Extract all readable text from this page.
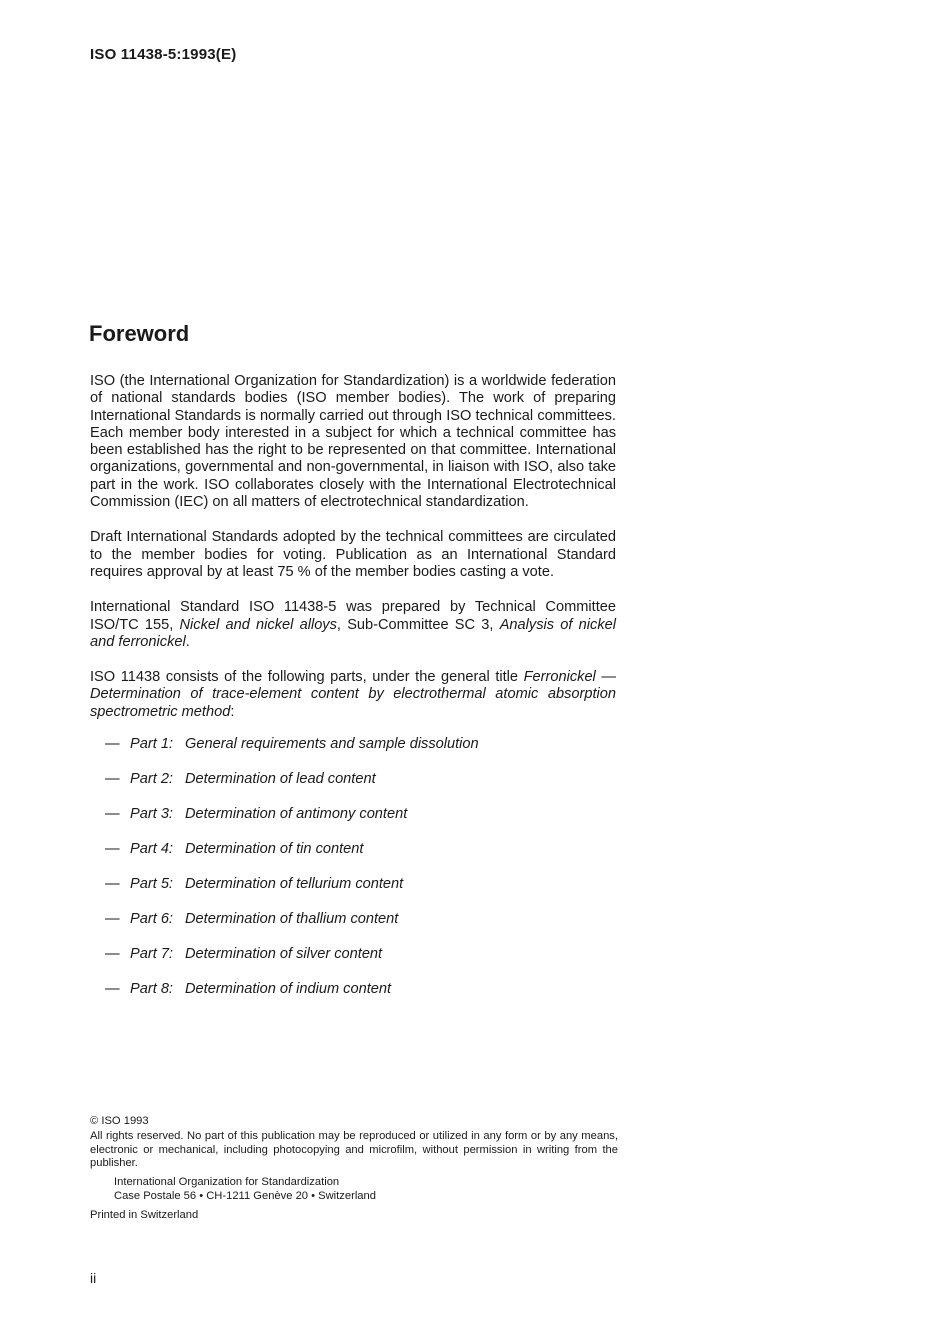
ISO 11438-5:1993(E)
Foreword

ISO (the International Organization for Standardization) is a worldwide federation of national standards bodies (ISO member bodies). The work of preparing International Standards is normally carried out through ISO technical committees. Each member body interested in a subject for which a technical committee has been established has the right to be represented on that committee. International organizations, governmental and non-governmental, in liaison with ISO, also take part in the work. ISO collaborates closely with the International Electrotechnical Commission (IEC) on all matters of electrotechnical standardization.

Draft International Standards adopted by the technical committees are circulated to the member bodies for voting. Publication as an International Standard requires approval by at least 75 % of the member bodies casting a vote.

International Standard ISO 11438-5 was prepared by Technical Committee ISO/TC 155, Nickel and nickel alloys, Sub-Committee SC 3, Analysis of nickel and ferronickel.

ISO 11438 consists of the following parts, under the general title Ferronickel — Determination of trace-element content by electrothermal atomic absorption spectrometric method:

— Part 1: General requirements and sample dissolution
— Part 2: Determination of lead content
— Part 3: Determination of antimony content
— Part 4: Determination of tin content
— Part 5: Determination of tellurium content
— Part 6: Determination of thallium content
— Part 7: Determination of silver content
— Part 8: Determination of indium content

© ISO 1993

All rights reserved. No part of this publication may be reproduced or utilized in any form or by any means, electronic or mechanical, including photocopying and microfilm, without permission in writing from the publisher.

International Organization for Standardization

Case Postale 56 • CH-1211 Genève 20 • Switzerland

Printed in Switzerland

ii
